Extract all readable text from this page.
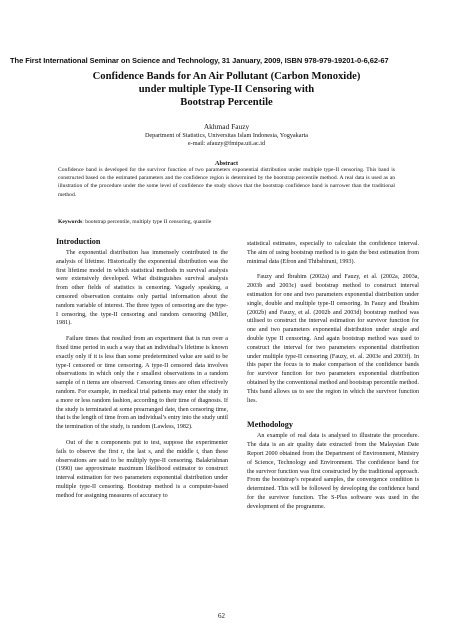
The First International Seminar on Science and Technology, 31 January, 2009, ISBN 978-979-19201-0-6,62-67

Confidence Bands for An Air Pollutant (Carbon Monoxide)
under multiple Type-II Censoring with
Bootstrap Percentile

Akhmad Fauzy
Department of Statistics, Universitas Islam Indonesia, Yogyakarta
e-mail: afauzy@fmipa.uii.ac.id
Abstract

Confidence band is developed for the survivor function of two parameters exponential distribution under multiple type-II censoring. This band is constructed based on the estimated parameters and the confidence region is determined by the bootstrap percentile method. A real data is used as an illustration of the procedure under the some level of confidence the study shows that the bootstrap confidence band is narrower than the traditional method.

Keywords: bootstrap percentile, multiply type II censoring, quantile

Introduction

The exponential distribution has immensely contributed in the analysis of lifetime. Historically the exponential distribution was the first lifetime model in which statistical methods in survival analysis were extensively developed. What distinguishes survival analysis from other fields of statistics is censoring. Vaguely speaking, a censored observation contains only partial information about the random variable of interest. The three types of censoring are the type-I censoring, the type-II censoring and random censoring (Miller, 1981).

Failure times that resulted from an experiment that is run over a fixed time period in such a way that an individual’s lifetime is known exactly only if it is less than some predetermined value are said to be type-I censored or time censoring. A type-II censored data involves observations in which only the r smallest observations in a random sample of n items are observed. Censoring times are often effectively random. For example, in medical trial patients may enter the study in a more or less random fashion, according to their time of diagnosis. If the study is terminated at some prearranged date, then censoring time, that is the length of time from an individual’s entry into the study until the termination of the study, is random (Lawless, 1982).

Out of the n components put to test, suppose the experimenter fails to observe the first r, the last s, and the middle t, than these observations are said to be multiply type-II censoring. Balakrishnan (1990) use approximate maximum likelihood estimator to construct interval estimation for two parameters exponential distribution under multiple type-II censoring. Bootstrap method is a computer-based method for assigning measures of accuracy to

statistical estimates, especially to calculate the confidence interval. The aim of using bootstrap method is to gain the best estimation from minimal data (Efron and Thibshirani, 1993).

Fauzy and Ibrahim (2002a) and Fauzy, et al. (2002a, 2003a, 2003b and 2003c) used bootstrap method to construct interval estimation for one and two parameters exponential distribution under single, double and multiple type-II censoring. In Fauzy and Ibrahim (2002b) and Fauzy, et al. (2002b and 2003d) bootstrap method was utilised to construct the interval estimation for survivor function for one and two parameters exponential distribution under single and double type II censoring. And again bootstrap method was used to construct the interval for two parameters exponential distribution under multiple type-II censoring (Fauzy, et. al. 2003e and 2003f). In this paper the focus is to make comparison of the confidence bands for survivor function for two parameters exponential distribution obtained by the conventional method and bootstrap percentile method. This band allows us to see the region in which the survivor function lies.

Methodology

An example of real data is analysed to illustrate the procedure. The data is an air quality date extracted from the Malaysian Date Report 2000 obtained from the Department of Environment, Ministry of Science, Technology and Environment. The confidence band for the survivor function was first constructed by the traditional approach. From the bootstrap’s repeated samples, the convergence condition is determined. This will be followed by developing the confidence band for the survivor function. The S-Plus software was used in the development of the programme.

62
